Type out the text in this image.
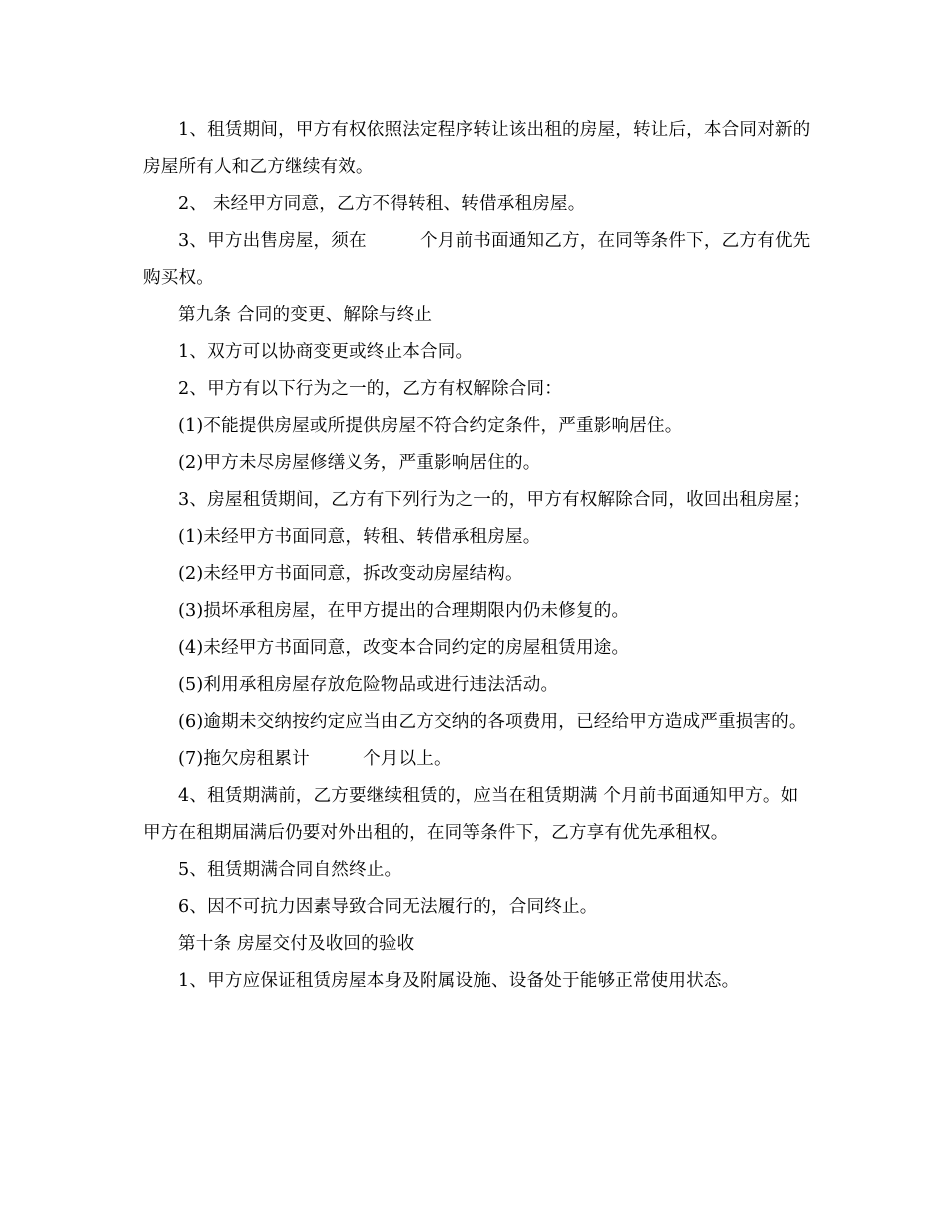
1、租赁期间，甲方有权依照法定程序转让该出租的房屋，转让后，本合同对新的房屋所有人和乙方继续有效。

2、 未经甲方同意，乙方不得转租、转借承租房屋。

3、甲方出售房屋，须在　　　个月前书面通知乙方，在同等条件下，乙方有优先购买权。

第九条 合同的变更、解除与终止

1、双方可以协商变更或终止本合同。

2、甲方有以下行为之一的，乙方有权解除合同：

(1)不能提供房屋或所提供房屋不符合约定条件，严重影响居住。

(2)甲方未尽房屋修缮义务，严重影响居住的。

3、房屋租赁期间，乙方有下列行为之一的，甲方有权解除合同，收回出租房屋；

(1)未经甲方书面同意，转租、转借承租房屋。

(2)未经甲方书面同意，拆改变动房屋结构。

(3)损坏承租房屋，在甲方提出的合理期限内仍未修复的。

(4)未经甲方书面同意，改变本合同约定的房屋租赁用途。

(5)利用承租房屋存放危险物品或进行违法活动。

(6)逾期未交纳按约定应当由乙方交纳的各项费用，已经给甲方造成严重损害的。

(7)拖欠房租累计　　　个月以上。

4、租赁期满前，乙方要继续租赁的，应当在租赁期满 个月前书面通知甲方。如甲方在租期届满后仍要对外出租的，在同等条件下，乙方享有优先承租权。

5、租赁期满合同自然终止。

6、因不可抗力因素导致合同无法履行的，合同终止。

第十条 房屋交付及收回的验收

1、甲方应保证租赁房屋本身及附属设施、设备处于能够正常使用状态。
